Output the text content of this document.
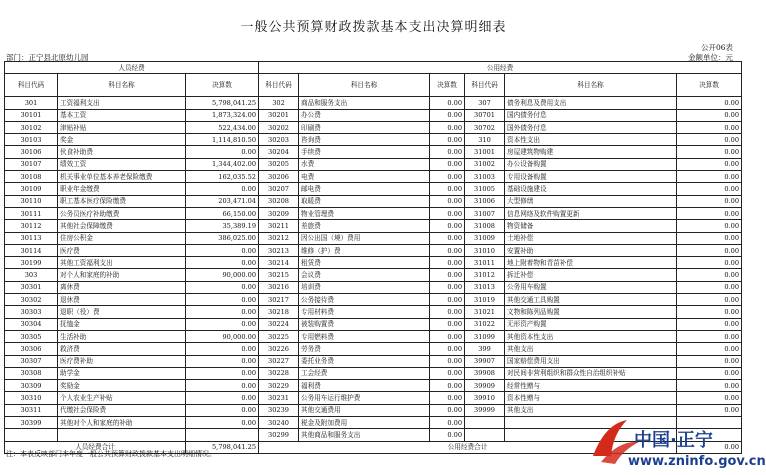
一般公共预算财政拨款基本支出决算明细表
公开06表
部门：正宁县北原幼儿园	金额单位：元
人员经费			公用经费					
科目代码	科目名称	决算数	科目代码	科目名称	决算数	科目代码	科目名称	决算数
301	工资福利支出	5,798,041.25	302	商品和服务支出	0.00	307	债务利息及费用支出	0.00
30101	基本工资	1,873,324.00	30201	办公费	0.00	30701	国内债务付息	0.00
30102	津贴补贴	522,434.00	30202	印刷费	0.00	30702	国外债务付息	0.00
30103	奖金	1,114,810.50	30203	咨询费	0.00	310	资本性支出	0.00
30106	伙食补助费	0.00	30204	手续费	0.00	31001	房屋建筑物购建	0.00
30107	绩效工资	1,344,402.00	30205	水费	0.00	31002	办公设备购置	0.00
30108	机关事业单位基本养老保险缴费	162,035.52	30206	电费	0.00	31003	专用设备购置	0.00
30109	职业年金缴费	0.00	30207	邮电费	0.00	31005	基础设施建设	0.00
30110	职工基本医疗保险缴费	203,471.04	30208	取暖费	0.00	31006	大型修缮	0.00
30111	公务员医疗补助缴费	66,150.00	30209	物业管理费	0.00	31007	信息网络及软件购置更新	0.00
30112	其他社会保障缴费	35,389.19	30211	差旅费	0.00	31008	物资储备	0.00
30113	住房公积金	386,025.00	30212	因公出国（境）费用	0.00	31009	土地补偿	0.00
30114	医疗费	0.00	30213	维修（护）费	0.00	31010	安置补助	0.00
30199	其他工资福利支出	0.00	30214	租赁费	0.00	31011	地上附着物和青苗补偿	0.00
303	对个人和家庭的补助	90,000.00	30215	会议费	0.00	31012	拆迁补偿	0.00
30301	离休费	0.00	30216	培训费	0.00	31013	公务用车购置	0.00
30302	退休费	0.00	30217	公务接待费	0.00	31019	其他交通工具购置	0.00
30303	退职（役）费	0.00	30218	专用材料费	0.00	31021	文物和陈列品购置	0.00
30304	抚恤金	0.00	30224	被装购置费	0.00	31022	无形资产购置	0.00
30305	生活补助	90,000.00	30225	专用燃料费	0.00	31099	其他资本性支出	0.00
30306	救济费	0.00	30226	劳务费	0.00	399	其他支出	0.00
30307	医疗费补助	0.00	30227	委托业务费	0.00	39907	国家赔偿费用支出	0.00
30308	助学金	0.00	30228	工会经费	0.00	39908	对民间非营利组织和群众性自治组织补贴	0.00
30309	奖励金	0.00	30229	福利费	0.00	39909	经常性赠与	0.00
30310	个人农业生产补贴	0.00	30231	公务用车运行维护费	0.00	39910	资本性赠与	0.00
30311	代缴社会保险费	0.00	30239	其他交通费用	0.00	39999	其他支出	0.00
30399	其他对个人和家庭的补助	0.00	30240	税金及附加费用	0.00			
			30299	其他商品和服务支出	0.00			
人员经费合计		5,798,041.25	公用经费合计					0.00
注：本表反映部门本年度一般公共预算财政拨款基本支出明细情况。
中国·正宁
www.zninfo.gov.cn
